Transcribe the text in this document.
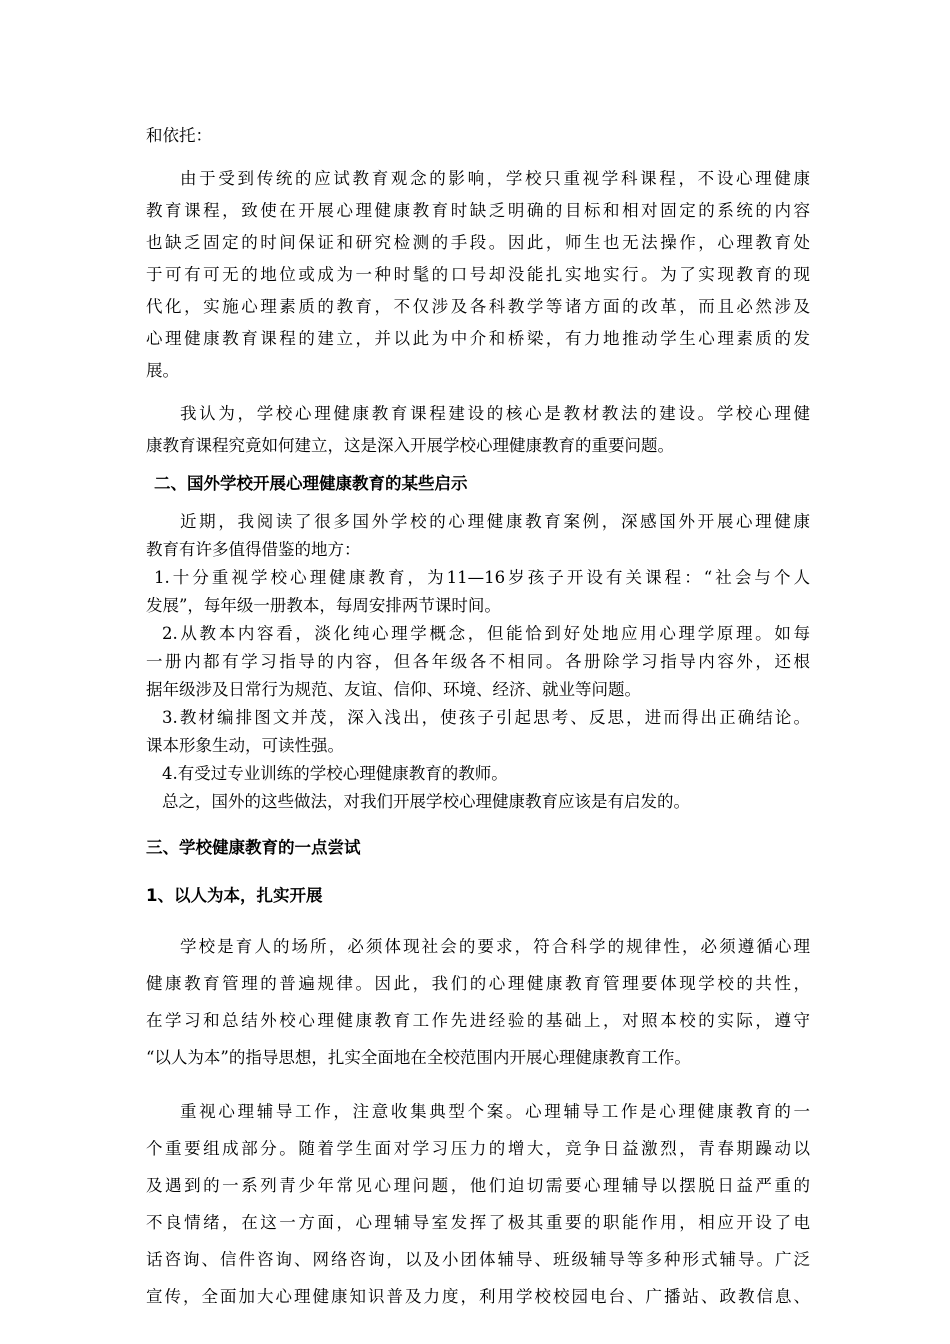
和依托：
由于受到传统的应试教育观念的影响，学校只重视学科课程，不设心理健康
教育课程，致使在开展心理健康教育时缺乏明确的目标和相对固定的系统的内容
也缺乏固定的时间保证和研究检测的手段。因此，师生也无法操作，心理教育处
于可有可无的地位或成为一种时髦的口号却没能扎实地实行。为了实现教育的现
代化，实施心理素质的教育，不仅涉及各科教学等诸方面的改革，而且必然涉及
心理健康教育课程的建立，并以此为中介和桥梁，有力地推动学生心理素质的发
展。
我认为，学校心理健康教育课程建设的核心是教材教法的建设。学校心理健
康教育课程究竟如何建立，这是深入开展学校心理健康教育的重要问题。
二、国外学校开展心理健康教育的某些启示
近期，我阅读了很多国外学校的心理健康教育案例，深感国外开展心理健康
教育有许多值得借鉴的地方：
1.十分重视学校心理健康教育，为11—16岁孩子开设有关课程：“社会与个人
发展”，每年级一册教本，每周安排两节课时间。
2.从教本内容看，淡化纯心理学概念，但能恰到好处地应用心理学原理。如每
一册内都有学习指导的内容，但各年级各不相同。各册除学习指导内容外，还根
据年级涉及日常行为规范、友谊、信仰、环境、经济、就业等问题。
3.教材编排图文并茂，深入浅出，使孩子引起思考、反思，进而得出正确结论。
课本形象生动，可读性强。
4.有受过专业训练的学校心理健康教育的教师。
总之，国外的这些做法，对我们开展学校心理健康教育应该是有启发的。
三、学校健康教育的一点尝试
1、以人为本，扎实开展
学校是育人的场所，必须体现社会的要求，符合科学的规律性，必须遵循心理
健康教育管理的普遍规律。因此，我们的心理健康教育管理要体现学校的共性，
在学习和总结外校心理健康教育工作先进经验的基础上，对照本校的实际，遵守
“以人为本”的指导思想，扎实全面地在全校范围内开展心理健康教育工作。
重视心理辅导工作，注意收集典型个案。心理辅导工作是心理健康教育的一
个重要组成部分。随着学生面对学习压力的增大，竞争日益激烈，青春期躁动以
及遇到的一系列青少年常见心理问题，他们迫切需要心理辅导以摆脱日益严重的
不良情绪，在这一方面，心理辅导室发挥了极其重要的职能作用，相应开设了电
话咨询、信件咨询、网络咨询，以及小团体辅导、班级辅导等多种形式辅导。广泛
宣传，全面加大心理健康知识普及力度，利用学校校园电台、广播站、政教信息、
